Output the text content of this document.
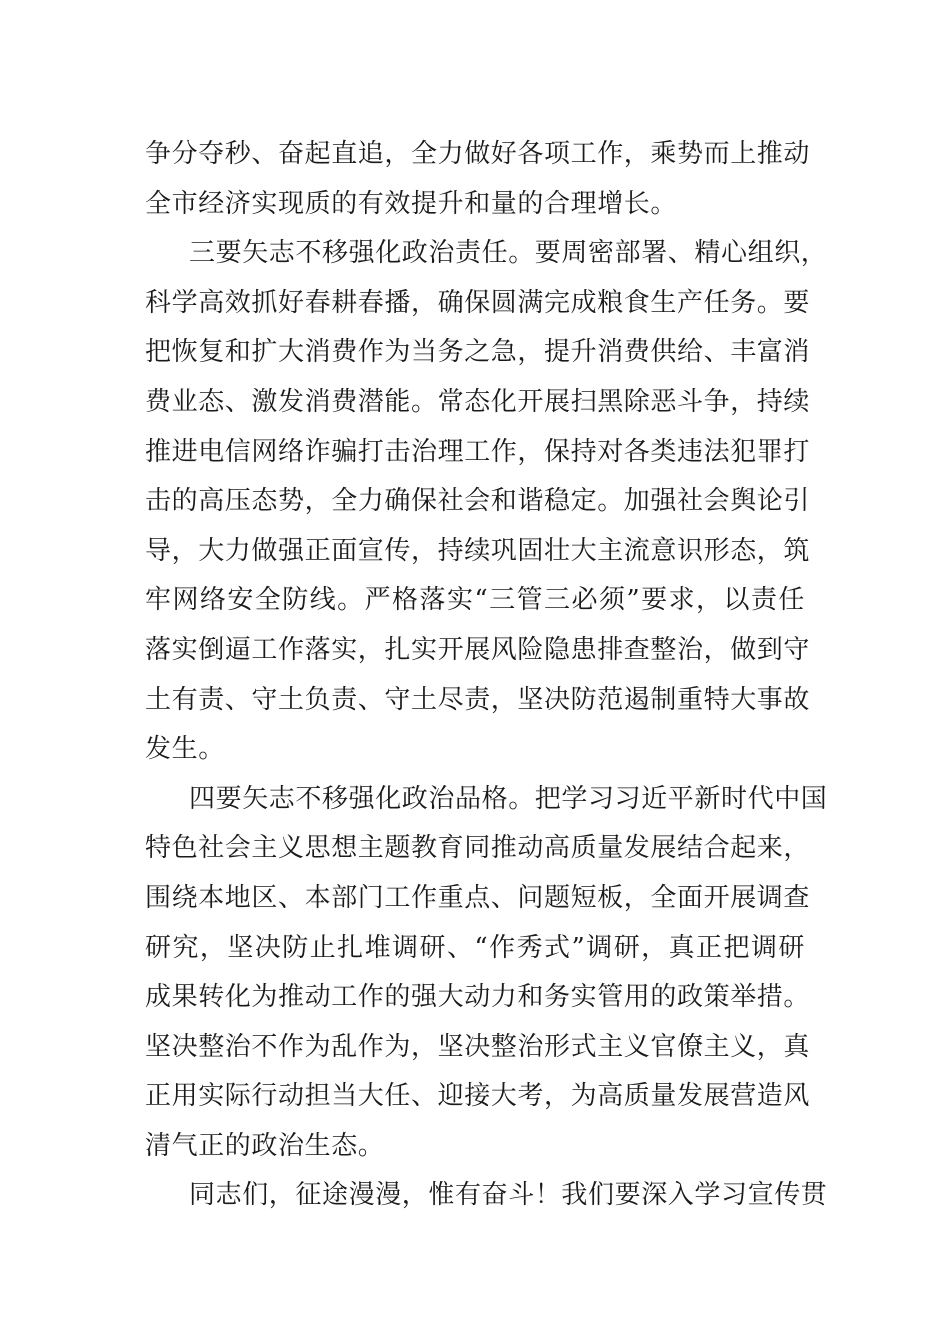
争分夺秒、奋起直追，全力做好各项工作，乘势而上推动
全市经济实现质的有效提升和量的合理增长。

三要矢志不移强化政治责任。要周密部署、精心组织，
科学高效抓好春耕春播，确保圆满完成粮食生产任务。要
把恢复和扩大消费作为当务之急，提升消费供给、丰富消
费业态、激发消费潜能。常态化开展扫黑除恶斗争，持续
推进电信网络诈骗打击治理工作，保持对各类违法犯罪打
击的高压态势，全力确保社会和谐稳定。加强社会舆论引
导，大力做强正面宣传，持续巩固壮大主流意识形态，筑
牢网络安全防线。严格落实“三管三必须”要求，以责任
落实倒逼工作落实，扎实开展风险隐患排查整治，做到守
土有责、守土负责、守土尽责，坚决防范遏制重特大事故
发生。

四要矢志不移强化政治品格。把学习习近平新时代中国
特色社会主义思想主题教育同推动高质量发展结合起来，
围绕本地区、本部门工作重点、问题短板，全面开展调查
研究，坚决防止扎堆调研、“作秀式”调研，真正把调研
成果转化为推动工作的强大动力和务实管用的政策举措。
坚决整治不作为乱作为，坚决整治形式主义官僚主义，真
正用实际行动担当大任、迎接大考，为高质量发展营造风
清气正的政治生态。

同志们，征途漫漫，惟有奋斗！我们要深入学习宣传贯
